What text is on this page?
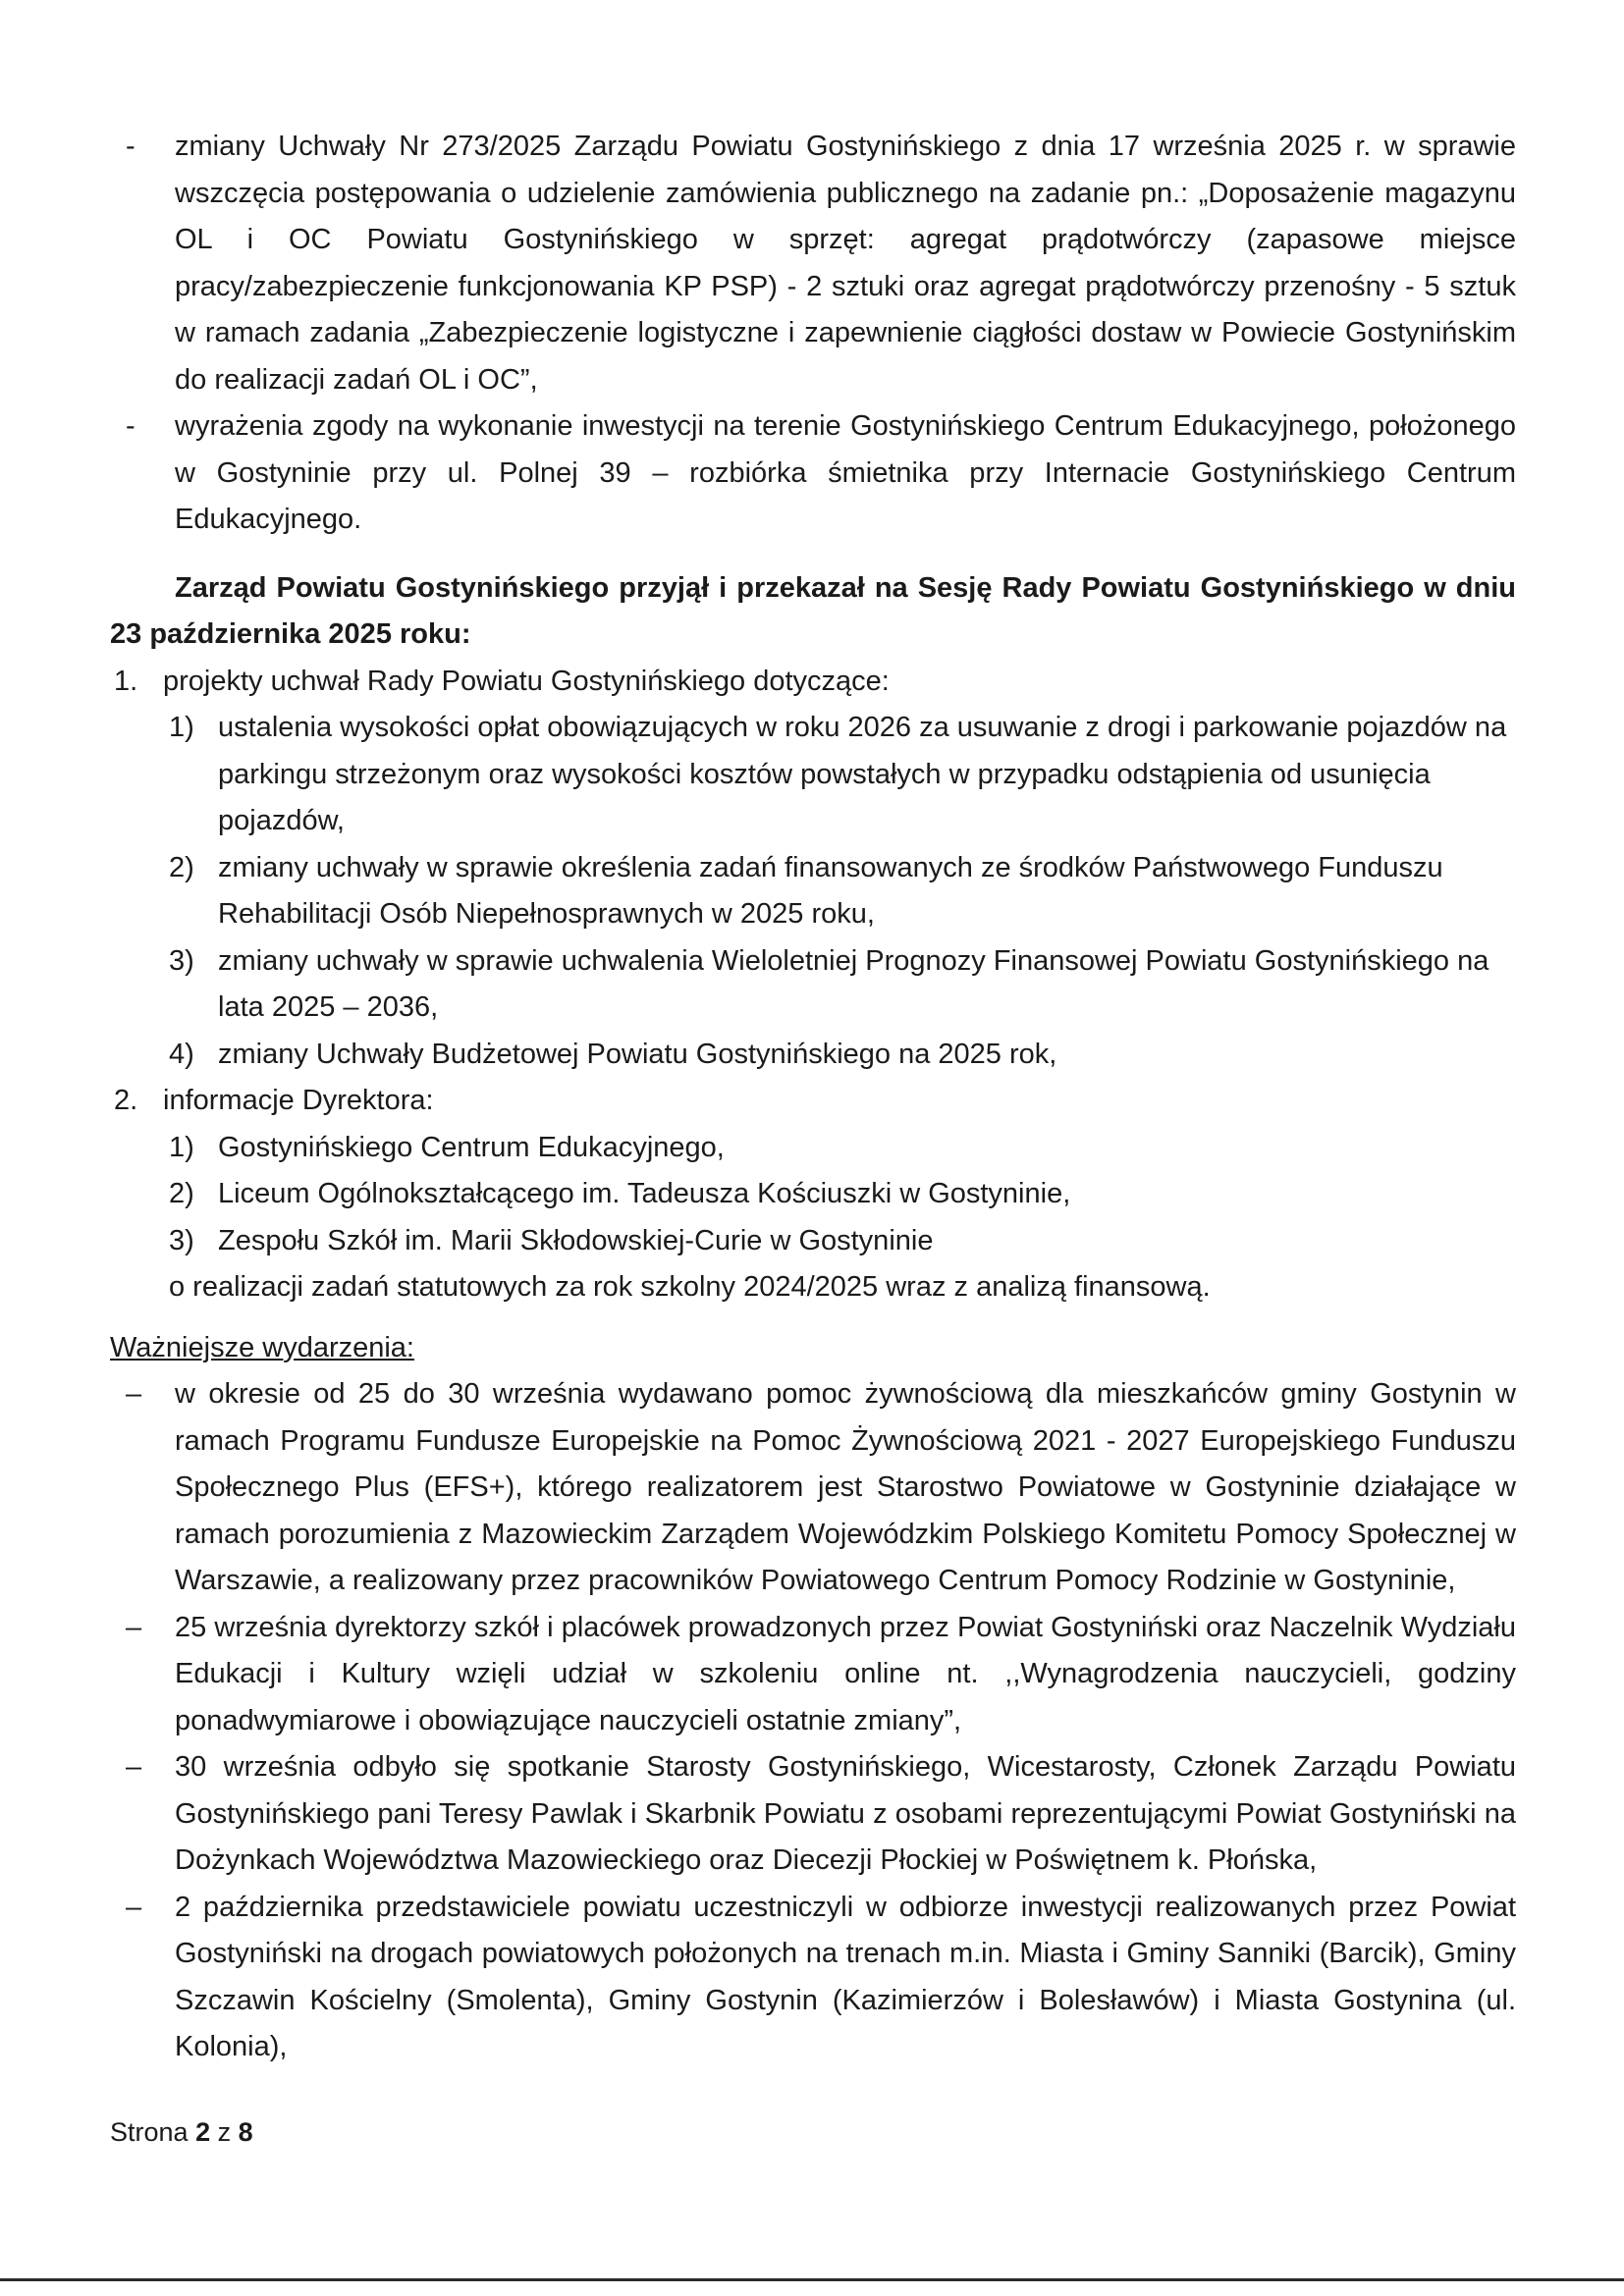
- zmiany Uchwały Nr 273/2025 Zarządu Powiatu Gostynińskiego z dnia 17 września 2025 r. w sprawie wszczęcia postępowania o udzielenie zamówienia publicznego na zadanie pn.: „Doposażenie magazynu OL i OC Powiatu Gostynińskiego w sprzęt: agregat prądotwórczy (zapasowe miejsce pracy/zabezpieczenie funkcjonowania KP PSP) - 2 sztuki oraz agregat prądotwórczy przenośny - 5 sztuk w ramach zadania „Zabezpieczenie logistyczne i zapewnienie ciągłości dostaw w Powiecie Gostynińskim do realizacji zadań OL i OC”,
- wyrażenia zgody na wykonanie inwestycji na terenie Gostynińskiego Centrum Edukacyjnego, położonego w Gostyninie przy ul. Polnej 39 – rozbiórka śmietnika przy Internacie Gostynińskiego Centrum Edukacyjnego.
Zarząd Powiatu Gostynińskiego przyjął i przekazał na Sesję Rady Powiatu Gostynińskiego w dniu 23 października 2025 roku:
1. projekty uchwał Rady Powiatu Gostynińskiego dotyczące:
1) ustalenia wysokości opłat obowiązujących w roku 2026 za usuwanie z drogi i parkowanie pojazdów na parkingu strzeżonym oraz wysokości kosztów powstałych w przypadku odstąpienia od usunięcia pojazdów,
2) zmiany uchwały w sprawie określenia zadań finansowanych ze środków Państwowego Funduszu Rehabilitacji Osób Niepełnosprawnych w 2025 roku,
3) zmiany uchwały w sprawie uchwalenia Wieloletniej Prognozy Finansowej Powiatu Gostynińskiego na lata 2025 – 2036,
4) zmiany Uchwały Budżetowej Powiatu Gostynińskiego na 2025 rok,
2. informacje Dyrektora:
1) Gostynińskiego Centrum Edukacyjnego,
2) Liceum Ogólnokształcącego im. Tadeusza Kościuszki w Gostyninie,
3) Zespołu Szkół im. Marii Skłodowskiej-Curie w Gostyninie
o realizacji zadań statutowych za rok szkolny 2024/2025 wraz z analizą finansową.
Ważniejsze wydarzenia:
– w okresie od 25 do 30 września wydawano pomoc żywnościową dla mieszkańców gminy Gostynin w ramach Programu Fundusze Europejskie na Pomoc Żywnościową 2021 - 2027 Europejskiego Funduszu Społecznego Plus (EFS+), którego realizatorem jest Starostwo Powiatowe w Gostyninie działające w ramach porozumienia z Mazowieckim Zarządem Wojewódzkim Polskiego Komitetu Pomocy Społecznej w Warszawie, a realizowany przez pracowników Powiatowego Centrum Pomocy Rodzinie w Gostyninie,
– 25 września dyrektorzy szkół i placówek prowadzonych przez Powiat Gostyniński oraz Naczelnik Wydziału Edukacji i Kultury wzięli udział w szkoleniu online nt. ,,Wynagrodzenia nauczycieli, godziny ponadwymiarowe i obowiązujące nauczycieli ostatnie zmiany”,
– 30 września odbyło się spotkanie Starosty Gostynińskiego, Wicestarosty, Członek Zarządu Powiatu Gostynińskiego pani Teresy Pawlak i Skarbnik Powiatu z osobami reprezentującymi Powiat Gostyniński na Dożynkach Województwa Mazowieckiego oraz Diecezji Płockiej w Poświętnem k. Płońska,
– 2 października przedstawiciele powiatu uczestniczyli w odbiorze inwestycji realizowanych przez Powiat Gostyniński na drogach powiatowych położonych na trenach m.in. Miasta i Gminy Sanniki (Barcik), Gminy Szczawin Kościelny (Smolenta), Gminy Gostynin (Kazimierzów i Bolesławów) i Miasta Gostynina (ul. Kolonia),
Strona 2 z 8
